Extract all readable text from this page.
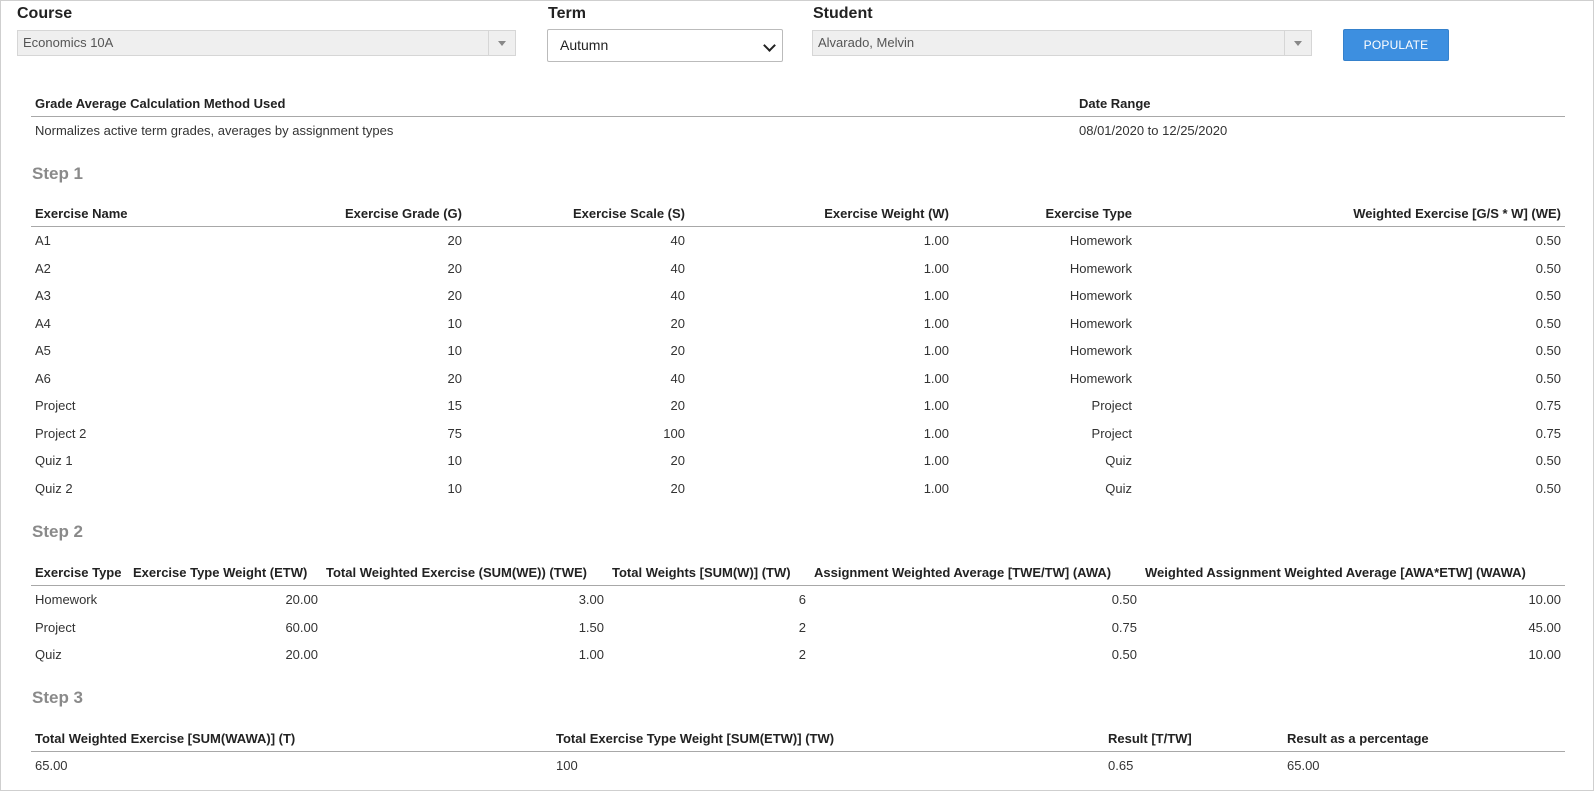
Course
Economics 10A
Term
Autumn
Student
Alvarado, Melvin	POPULATE
Grade Average Calculation Method Used	Date Range
Normalizes active term grades, averages by assignment types	08/01/2020 to 12/25/2020
Step 1
Exercise Name	Exercise Grade (G)	Exercise Scale (S)	Exercise Weight (W)	Exercise Type	Weighted Exercise [G/S * W] (WE)
A1	20	40	1.00	Homework	0.50
A2	20	40	1.00	Homework	0.50
A3	20	40	1.00	Homework	0.50
A4	10	20	1.00	Homework	0.50
A5	10	20	1.00	Homework	0.50
A6	20	40	1.00	Homework	0.50
Project	15	20	1.00	Project	0.75
Project 2	75	100	1.00	Project	0.75
Quiz 1	10	20	1.00	Quiz	0.50
Quiz 2	10	20	1.00	Quiz	0.50
Step 2
Exercise Type	Exercise Type Weight (ETW)	Total Weighted Exercise (SUM(WE)) (TWE)	Total Weights [SUM(W)] (TW)	Assignment Weighted Average [TWE/TW] (AWA)	Weighted Assignment Weighted Average [AWA*ETW] (WAWA)
Homework	20.00	3.00	6	0.50	10.00
Project	60.00	1.50	2	0.75	45.00
Quiz	20.00	1.00	2	0.50	10.00
Step 3
Total Weighted Exercise [SUM(WAWA)] (T)	Total Exercise Type Weight [SUM(ETW)] (TW)	Result [T/TW]	Result as a percentage
65.00	100	0.65	65.00
